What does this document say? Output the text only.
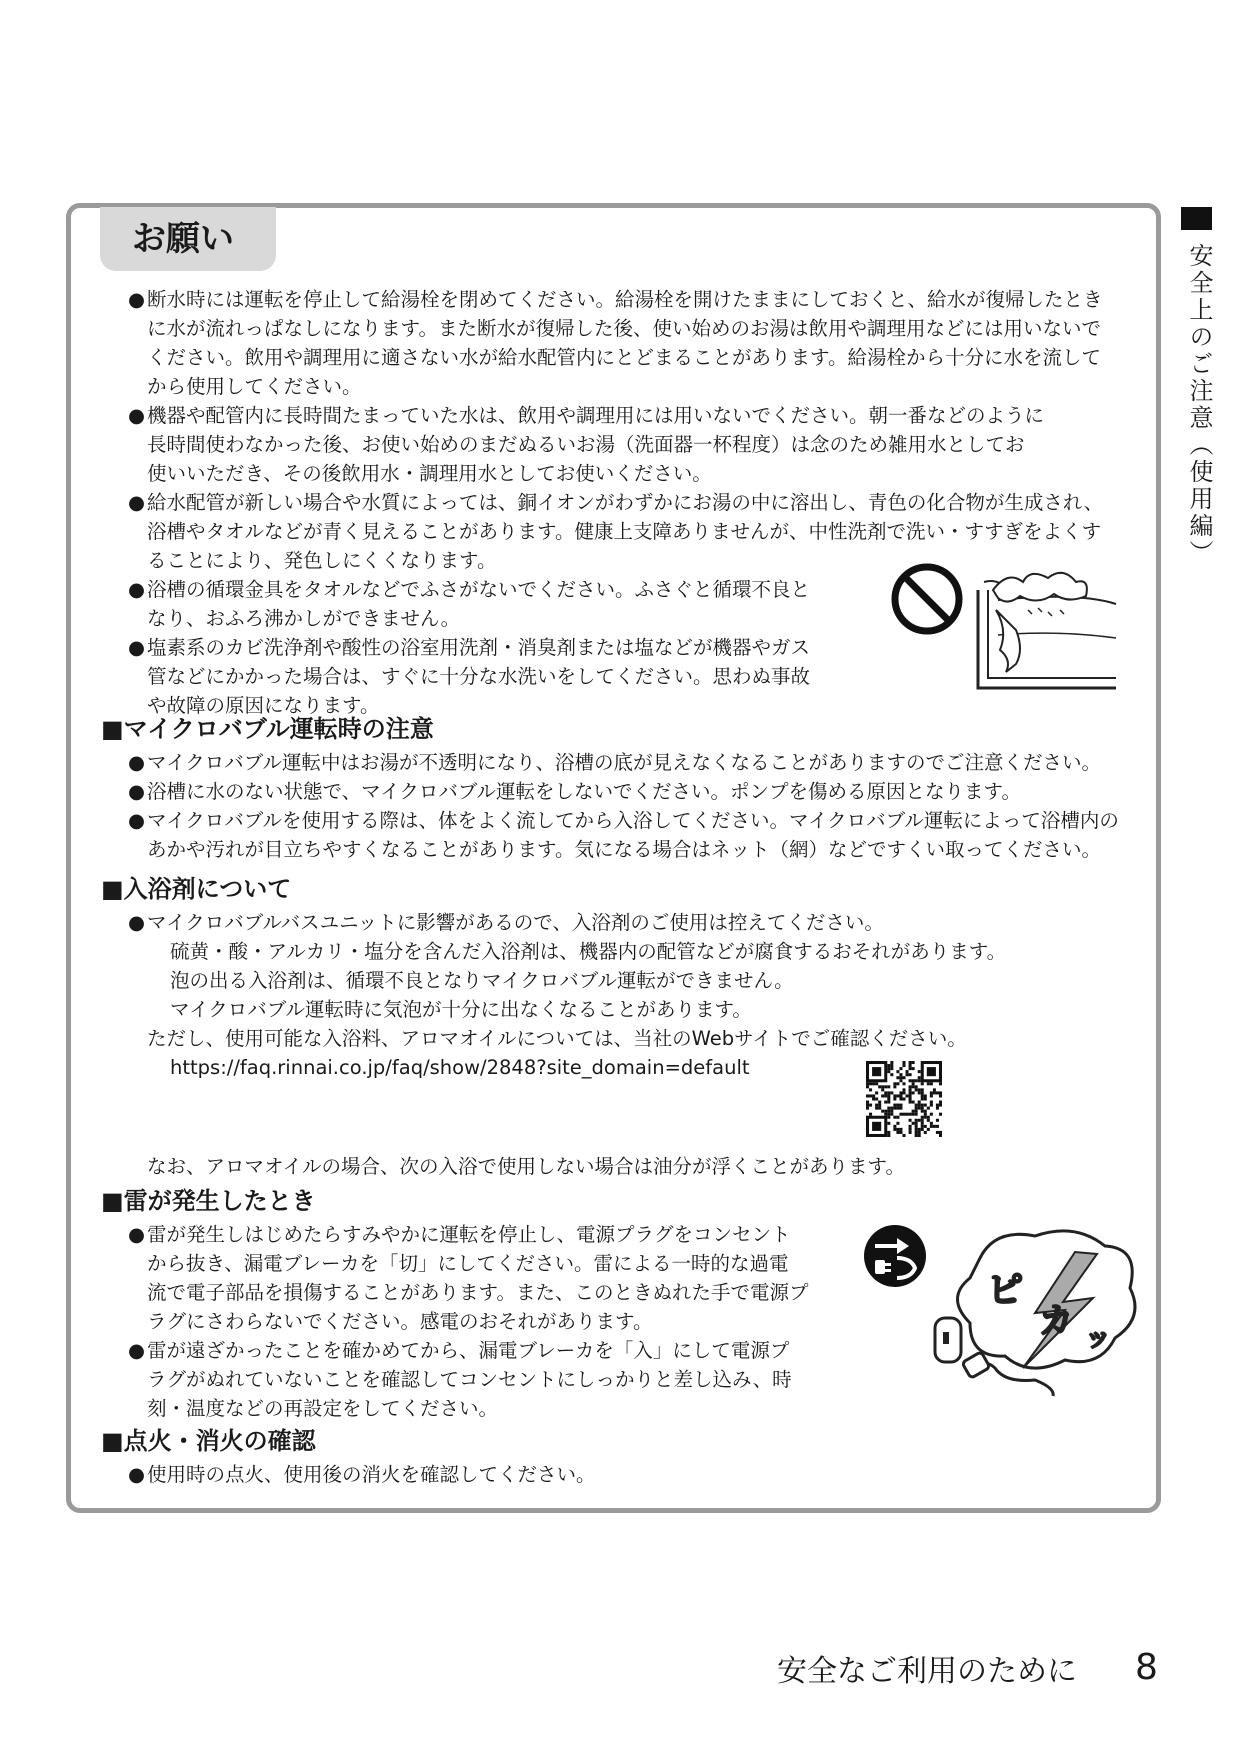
お願い
安全上のご注意（使用編）
● 断水時には運転を停止して給湯栓を閉めてください。給湯栓を開けたままにしておくと、給水が復帰したとき
に水が流れっぱなしになります。また断水が復帰した後、使い始めのお湯は飲用や調理用などには用いないで
ください。飲用や調理用に適さない水が給水配管内にとどまることがあります。給湯栓から十分に水を流して
から使用してください。
● 機器や配管内に長時間たまっていた水は、飲用や調理用には用いないでください。朝一番などのように
長時間使わなかった後、お使い始めのまだぬるいお湯（洗面器一杯程度）は念のため雑用水としてお
使いいただき、その後飲用水・調理用水としてお使いください。
● 給水配管が新しい場合や水質によっては、銅イオンがわずかにお湯の中に溶出し、青色の化合物が生成され、
浴槽やタオルなどが青く見えることがあります。健康上支障ありませんが、中性洗剤で洗い・すすぎをよくす
ることにより、発色しにくくなります。
● 浴槽の循環金具をタオルなどでふさがないでください。ふさぐと循環不良と
なり、おふろ沸かしができません。
● 塩素系のカビ洗浄剤や酸性の浴室用洗剤・消臭剤または塩などが機器やガス
管などにかかった場合は、すぐに十分な水洗いをしてください。思わぬ事故
や故障の原因になります。
■マイクロバブル運転時の注意
● マイクロバブル運転中はお湯が不透明になり、浴槽の底が見えなくなることがありますのでご注意ください。
● 浴槽に水のない状態で、マイクロバブル運転をしないでください。ポンプを傷める原因となります。
● マイクロバブルを使用する際は、体をよく流してから入浴してください。マイクロバブル運転によって浴槽内の
あかや汚れが目立ちやすくなることがあります。気になる場合はネット（網）などですくい取ってください。
■入浴剤について
● マイクロバブルバスユニットに影響があるので、入浴剤のご使用は控えてください。
硫黄・酸・アルカリ・塩分を含んだ入浴剤は、機器内の配管などが腐食するおそれがあります。
泡の出る入浴剤は、循環不良となりマイクロバブル運転ができません。
マイクロバブル運転時に気泡が十分に出なくなることがあります。
ただし、使用可能な入浴料、アロマオイルについては、当社のWebサイトでご確認ください。
https://faq.rinnai.co.jp/faq/show/2848?site_domain=default
なお、アロマオイルの場合、次の入浴で使用しない場合は油分が浮くことがあります。
■雷が発生したとき
● 雷が発生しはじめたらすみやかに運転を停止し、電源プラグをコンセント
から抜き、漏電ブレーカを「切」にしてください。雷による一時的な過電
流で電子部品を損傷することがあります。また、このときぬれた手で電源プ
ラグにさわらないでください。感電のおそれがあります。
● 雷が遠ざかったことを確かめてから、漏電ブレーカを「入」にして電源プ
ラグがぬれていないことを確認してコンセントにしっかりと差し込み、時
刻・温度などの再設定をしてください。
ピ
カ ッ
■点火・消火の確認
● 使用時の点火、使用後の消火を確認してください。
安全なご利用のために 8
